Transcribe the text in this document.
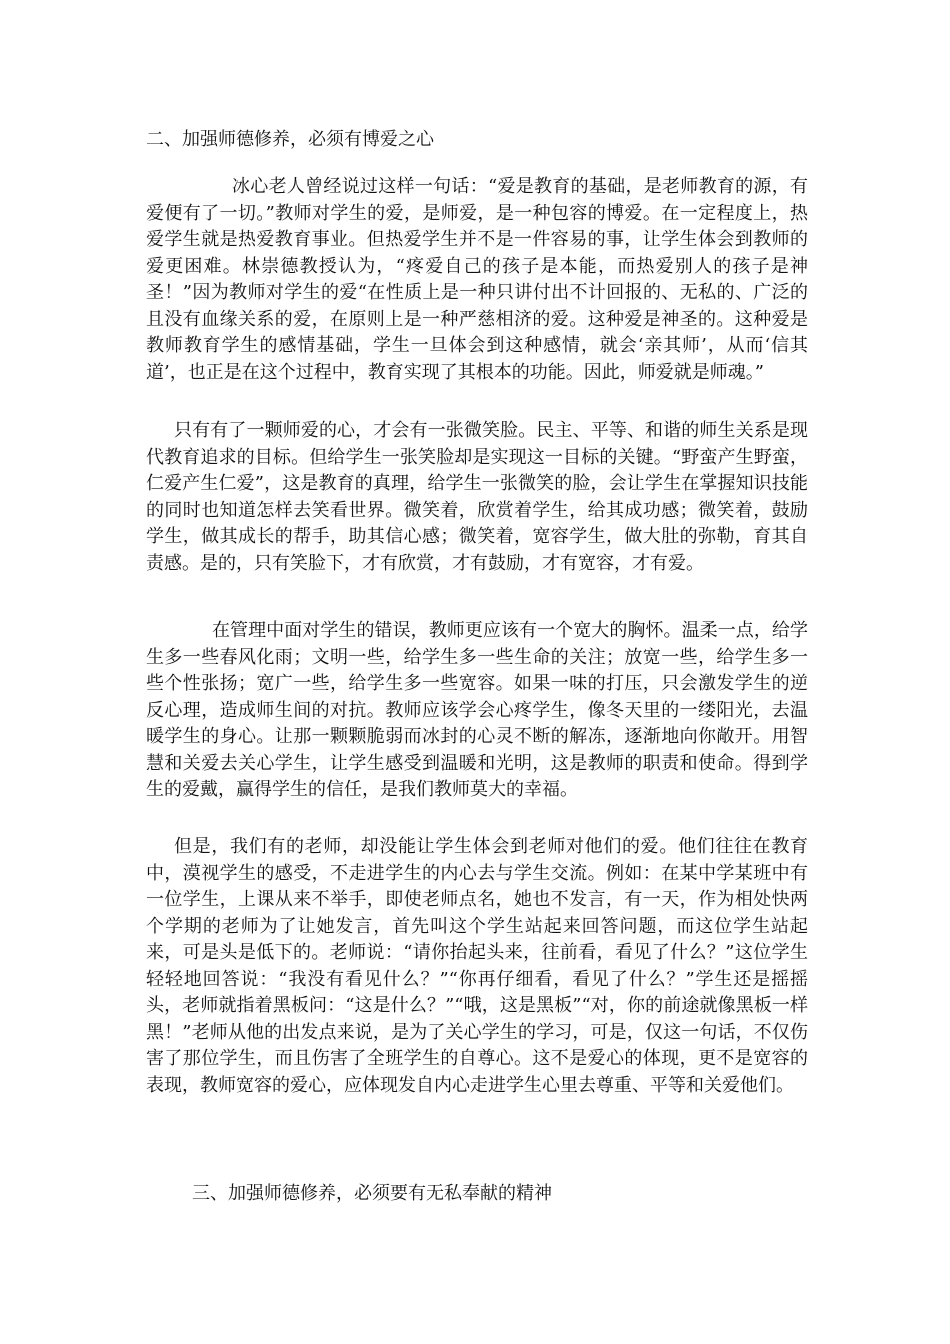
二、加强师德修养，必须有博爱之心

冰心老人曾经说过这样一句话：“爱是教育的基础，是老师教育的源，有爱便有了一切。”教师对学生的爱，是师爱，是一种包容的博爱。在一定程度上，热爱学生就是热爱教育事业。但热爱学生并不是一件容易的事，让学生体会到教师的爱更困难。林崇德教授认为，“疼爱自己的孩子是本能，而热爱别人的孩子是神圣！”因为教师对学生的爱“在性质上是一种只讲付出不计回报的、无私的、广泛的且没有血缘关系的爱，在原则上是一种严慈相济的爱。这种爱是神圣的。这种爱是教师教育学生的感情基础，学生一旦体会到这种感情，就会‘亲其师’，从而‘信其道’，也正是在这个过程中，教育实现了其根本的功能。因此，师爱就是师魂。”

只有有了一颗师爱的心，才会有一张微笑脸。民主、平等、和谐的师生关系是现代教育追求的目标。但给学生一张笑脸却是实现这一目标的关键。“野蛮产生野蛮，仁爱产生仁爱”，这是教育的真理，给学生一张微笑的脸，会让学生在掌握知识技能的同时也知道怎样去笑看世界。微笑着，欣赏着学生，给其成功感；微笑着，鼓励学生，做其成长的帮手，助其信心感；微笑着，宽容学生，做大肚的弥勒，育其自责感。是的，只有笑脸下，才有欣赏，才有鼓励，才有宽容，才有爱。

在管理中面对学生的错误，教师更应该有一个宽大的胸怀。温柔一点，给学生多一些春风化雨；文明一些，给学生多一些生命的关注；放宽一些，给学生多一些个性张扬；宽广一些，给学生多一些宽容。如果一味的打压，只会激发学生的逆反心理，造成师生间的对抗。教师应该学会心疼学生，像冬天里的一缕阳光，去温暖学生的身心。让那一颗颗脆弱而冰封的心灵不断的解冻，逐渐地向你敞开。用智慧和关爱去关心学生，让学生感受到温暖和光明，这是教师的职责和使命。得到学生的爱戴，赢得学生的信任，是我们教师莫大的幸福。

但是，我们有的老师，却没能让学生体会到老师对他们的爱。他们往往在教育中，漠视学生的感受，不走进学生的内心去与学生交流。例如：在某中学某班中有一位学生，上课从来不举手，即使老师点名，她也不发言，有一天，作为相处快两个学期的老师为了让她发言，首先叫这个学生站起来回答问题，而这位学生站起来，可是头是低下的。老师说：“请你抬起头来，往前看，看见了什么？”这位学生轻轻地回答说：“我没有看见什么？”“你再仔细看，看见了什么？”学生还是摇摇头，老师就指着黑板问：“这是什么？”“哦，这是黑板”“对，你的前途就像黑板一样黑！”老师从他的出发点来说，是为了关心学生的学习，可是，仅这一句话，不仅伤害了那位学生，而且伤害了全班学生的自尊心。这不是爱心的体现，更不是宽容的表现，教师宽容的爱心，应体现发自内心走进学生心里去尊重、平等和关爱他们。

三、加强师德修养，必须要有无私奉献的精神
